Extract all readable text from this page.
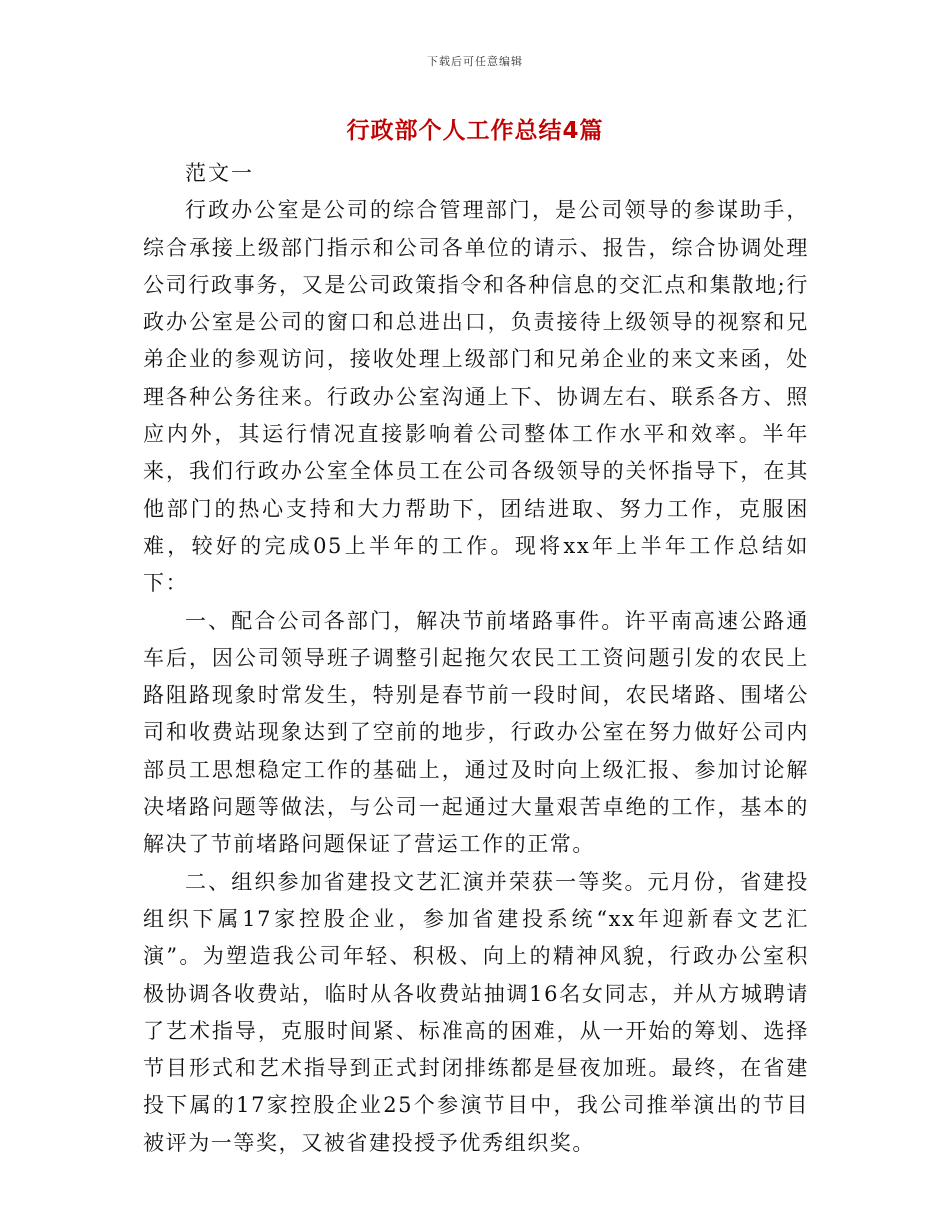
下载后可任意编辑
行政部个人工作总结4篇

范文一

行政办公室是公司的综合管理部门，是公司领导的参谋助手，综合承接上级部门指示和公司各单位的请示、报告，综合协调处理公司行政事务，又是公司政策指令和各种信息的交汇点和集散地;行政办公室是公司的窗口和总进出口，负责接待上级领导的视察和兄弟企业的参观访问，接收处理上级部门和兄弟企业的来文来函，处理各种公务往来。行政办公室沟通上下、协调左右、联系各方、照应内外，其运行情况直接影响着公司整体工作水平和效率。半年来，我们行政办公室全体员工在公司各级领导的关怀指导下，在其他部门的热心支持和大力帮助下，团结进取、努力工作，克服困难，较好的完成05上半年的工作。现将xx年上半年工作总结如下：

一、配合公司各部门，解决节前堵路事件。许平南高速公路通车后，因公司领导班子调整引起拖欠农民工工资问题引发的农民上路阻路现象时常发生，特别是春节前一段时间，农民堵路、围堵公司和收费站现象达到了空前的地步，行政办公室在努力做好公司内部员工思想稳定工作的基础上，通过及时向上级汇报、参加讨论解决堵路问题等做法，与公司一起通过大量艰苦卓绝的工作，基本的解决了节前堵路问题保证了营运工作的正常。

二、组织参加省建投文艺汇演并荣获一等奖。元月份，省建投组织下属17家控股企业，参加省建投系统“xx年迎新春文艺汇演”。为塑造我公司年轻、积极、向上的精神风貌，行政办公室积极协调各收费站，临时从各收费站抽调16名女同志，并从方城聘请了艺术指导，克服时间紧、标准高的困难，从一开始的筹划、选择节目形式和艺术指导到正式封闭排练都是昼夜加班。最终，在省建投下属的17家控股企业25个参演节目中，我公司推举演出的节目被评为一等奖，又被省建投授予优秀组织奖。
